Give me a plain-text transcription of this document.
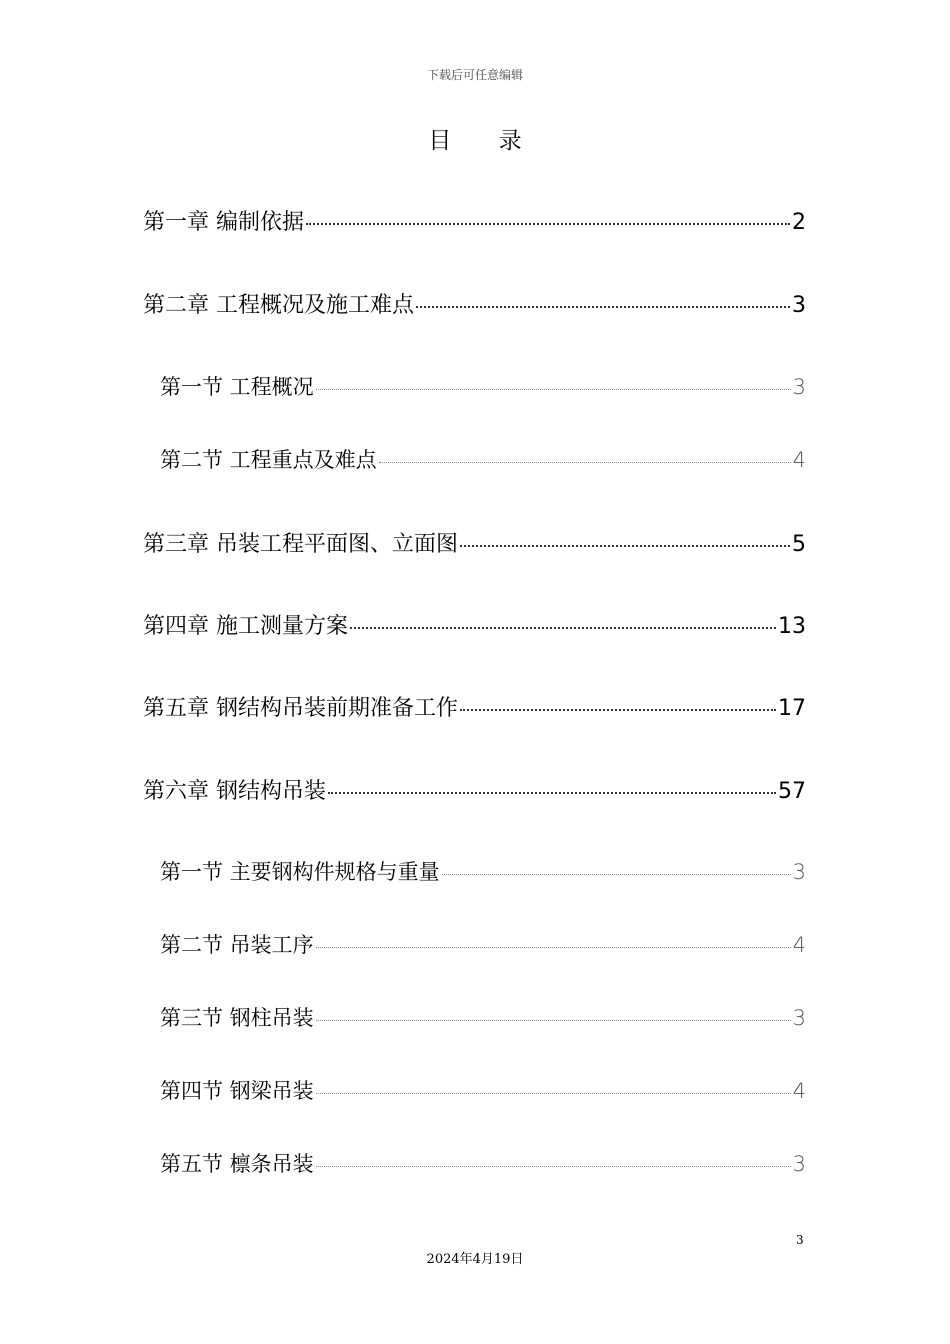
下载后可任意编辑
目 录
第一章 编制依据	2
第二章 工程概况及施工难点	3
第一节 工程概况	3
第二节 工程重点及难点	4
第三章 吊装工程平面图、立面图	5
第四章 施工测量方案	13
第五章 钢结构吊装前期准备工作	17
第六章 钢结构吊装	57
第一节 主要钢构件规格与重量	3
第二节 吊装工序	4
第三节 钢柱吊装	3
第四节 钢梁吊装	4
第五节 檩条吊装	3
3
2024年4月19日
